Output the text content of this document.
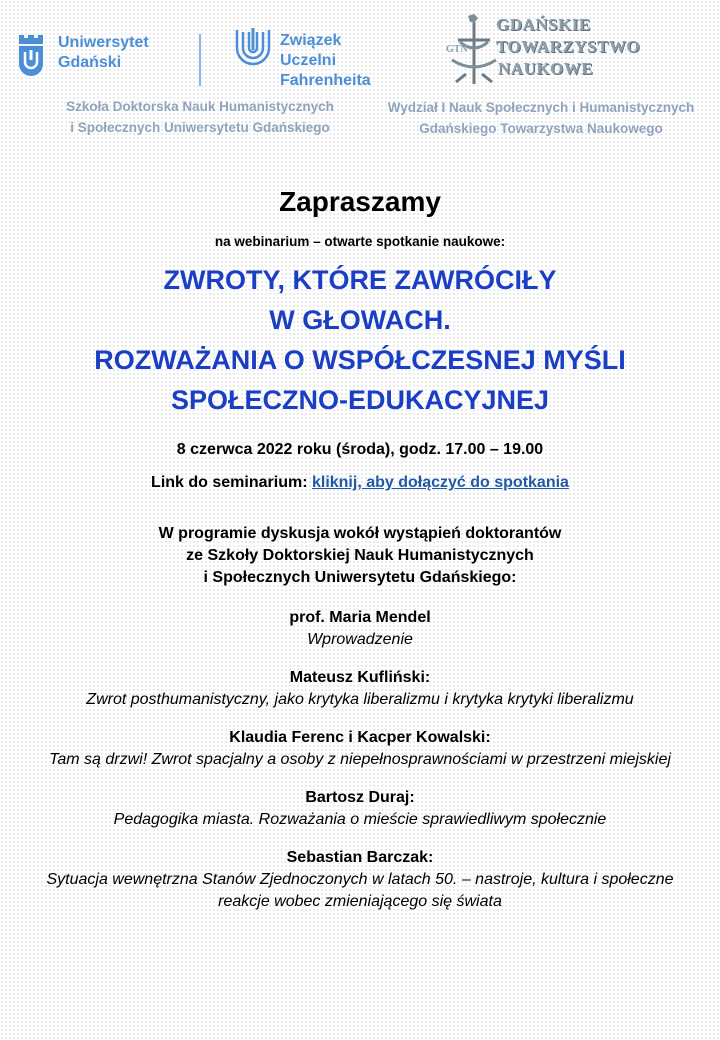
Uniwersytet
Gdański
Związek
Uczelni
Fahrenheita
GTN
GDAŃSKIE
TOWARZYSTWO
NAUKOWE
Szkoła Doktorska Nauk Humanistycznych
i Społecznych Uniwersytetu Gdańskiego
Wydział I Nauk Społecznych i Humanistycznych
Gdańskiego Towarzystwa Naukowego
Zapraszamy
na webinarium – otwarte spotkanie naukowe:
ZWROTY, KTÓRE ZAWRÓCIŁY
W GŁOWACH.
ROZWAŻANIA O WSPÓŁCZESNEJ MYŚLI
SPOŁECZNO-EDUKACYJNEJ
8 czerwca 2022 roku (środa), godz. 17.00 – 19.00
Link do seminarium: kliknij, aby dołączyć do spotkania
W programie dyskusja wokół wystąpień doktorantów
ze Szkoły Doktorskiej Nauk Humanistycznych
i Społecznych Uniwersytetu Gdańskiego:
prof. Maria Mendel
Wprowadzenie
Mateusz Kufliński:
Zwrot posthumanistyczny, jako krytyka liberalizmu i krytyka krytyki liberalizmu
Klaudia Ferenc i Kacper Kowalski:
Tam są drzwi! Zwrot spacjalny a osoby z niepełnosprawnościami w przestrzeni miejskiej
Bartosz Duraj:
Pedagogika miasta. Rozważania o mieście sprawiedliwym społecznie
Sebastian Barczak:
Sytuacja wewnętrzna Stanów Zjednoczonych w latach 50. – nastroje, kultura i społeczne reakcje wobec zmieniającego się świata
